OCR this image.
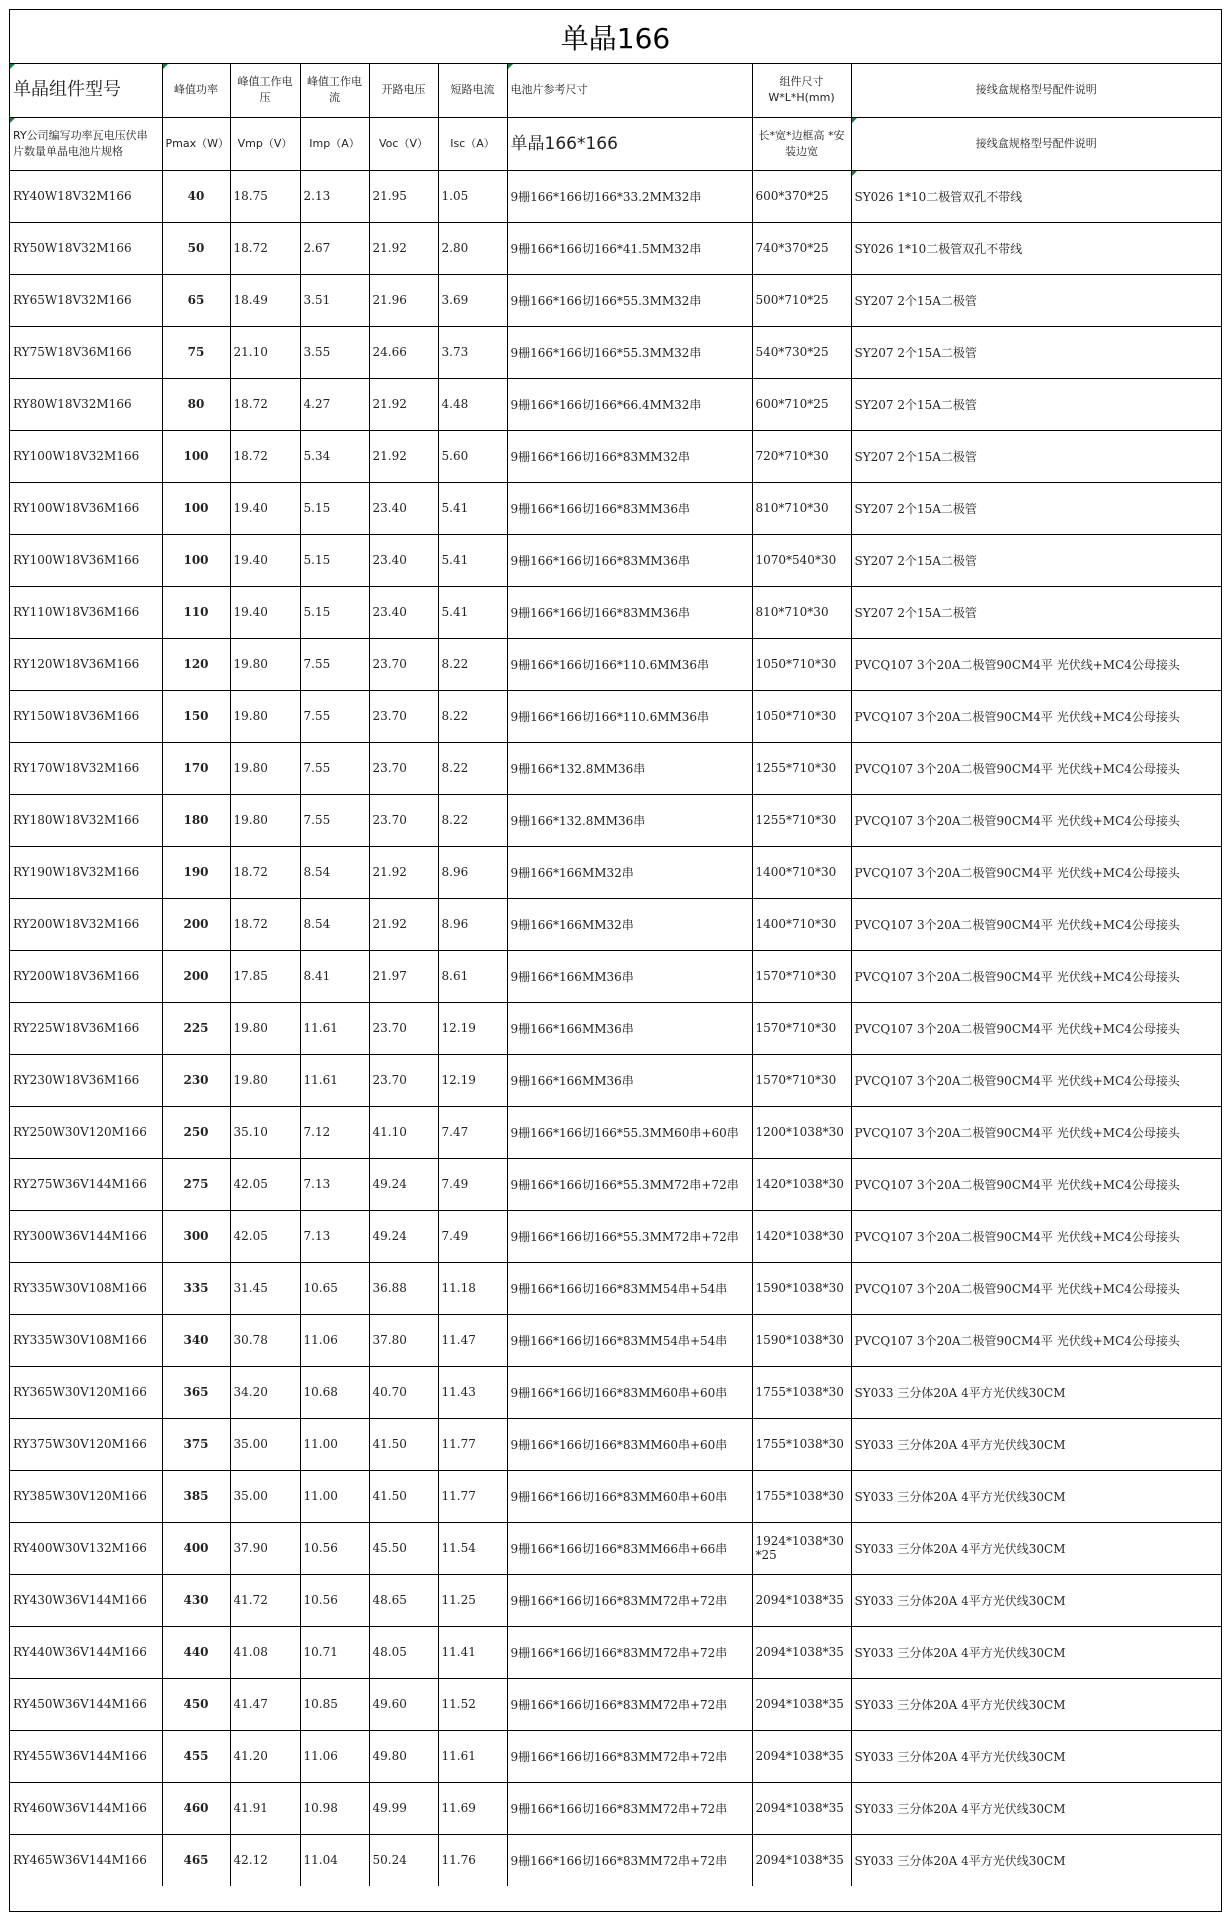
单晶166
单晶组件型号	峰值功率	峰值工作电压	峰值工作电流	开路电压	短路电流	电池片参考尺寸	组件尺寸 W*L*H(mm)	接线盒规格型号配件说明
RY公司编写功率瓦电压伏串片数量单晶电池片规格	Pmax（W）	Vmp（V）	Imp（A）	Voc（V）	Isc（A）	单晶166*166	长*宽*边框高 *安装边宽	接线盒规格型号配件说明
RY40W18V32M166	40	18.75	2.13	21.95	1.05	9栅166*166切166*33.2MM32串	600*370*25	SY026 1*10二极管双孔不带线
RY50W18V32M166	50	18.72	2.67	21.92	2.80	9栅166*166切166*41.5MM32串	740*370*25	SY026 1*10二极管双孔不带线
RY65W18V32M166	65	18.49	3.51	21.96	3.69	9栅166*166切166*55.3MM32串	500*710*25	SY207 2个15A二极管
RY75W18V36M166	75	21.10	3.55	24.66	3.73	9栅166*166切166*55.3MM32串	540*730*25	SY207 2个15A二极管
RY80W18V32M166	80	18.72	4.27	21.92	4.48	9栅166*166切166*66.4MM32串	600*710*25	SY207 2个15A二极管
RY100W18V32M166	100	18.72	5.34	21.92	5.60	9栅166*166切166*83MM32串	720*710*30	SY207 2个15A二极管
RY100W18V36M166	100	19.40	5.15	23.40	5.41	9栅166*166切166*83MM36串	810*710*30	SY207 2个15A二极管
RY100W18V36M166	100	19.40	5.15	23.40	5.41	9栅166*166切166*83MM36串	1070*540*30	SY207 2个15A二极管
RY110W18V36M166	110	19.40	5.15	23.40	5.41	9栅166*166切166*83MM36串	810*710*30	SY207 2个15A二极管
RY120W18V36M166	120	19.80	7.55	23.70	8.22	9栅166*166切166*110.6MM36串	1050*710*30	PVCQ107 3个20A二极管90CM4平 光伏线+MC4公母接头
RY150W18V36M166	150	19.80	7.55	23.70	8.22	9栅166*166切166*110.6MM36串	1050*710*30	PVCQ107 3个20A二极管90CM4平 光伏线+MC4公母接头
RY170W18V32M166	170	19.80	7.55	23.70	8.22	9栅166*132.8MM36串	1255*710*30	PVCQ107 3个20A二极管90CM4平 光伏线+MC4公母接头
RY180W18V32M166	180	19.80	7.55	23.70	8.22	9栅166*132.8MM36串	1255*710*30	PVCQ107 3个20A二极管90CM4平 光伏线+MC4公母接头
RY190W18V32M166	190	18.72	8.54	21.92	8.96	9栅166*166MM32串	1400*710*30	PVCQ107 3个20A二极管90CM4平 光伏线+MC4公母接头
RY200W18V32M166	200	18.72	8.54	21.92	8.96	9栅166*166MM32串	1400*710*30	PVCQ107 3个20A二极管90CM4平 光伏线+MC4公母接头
RY200W18V36M166	200	17.85	8.41	21.97	8.61	9栅166*166MM36串	1570*710*30	PVCQ107 3个20A二极管90CM4平 光伏线+MC4公母接头
RY225W18V36M166	225	19.80	11.61	23.70	12.19	9栅166*166MM36串	1570*710*30	PVCQ107 3个20A二极管90CM4平 光伏线+MC4公母接头
RY230W18V36M166	230	19.80	11.61	23.70	12.19	9栅166*166MM36串	1570*710*30	PVCQ107 3个20A二极管90CM4平 光伏线+MC4公母接头
RY250W30V120M166	250	35.10	7.12	41.10	7.47	9栅166*166切166*55.3MM60串+60串	1200*1038*30	PVCQ107 3个20A二极管90CM4平 光伏线+MC4公母接头
RY275W36V144M166	275	42.05	7.13	49.24	7.49	9栅166*166切166*55.3MM72串+72串	1420*1038*30	PVCQ107 3个20A二极管90CM4平 光伏线+MC4公母接头
RY300W36V144M166	300	42.05	7.13	49.24	7.49	9栅166*166切166*55.3MM72串+72串	1420*1038*30	PVCQ107 3个20A二极管90CM4平 光伏线+MC4公母接头
RY335W30V108M166	335	31.45	10.65	36.88	11.18	9栅166*166切166*83MM54串+54串	1590*1038*30	PVCQ107 3个20A二极管90CM4平 光伏线+MC4公母接头
RY335W30V108M166	340	30.78	11.06	37.80	11.47	9栅166*166切166*83MM54串+54串	1590*1038*30	PVCQ107 3个20A二极管90CM4平 光伏线+MC4公母接头
RY365W30V120M166	365	34.20	10.68	40.70	11.43	9栅166*166切166*83MM60串+60串	1755*1038*30	SY033 三分体20A 4平方光伏线30CM
RY375W30V120M166	375	35.00	11.00	41.50	11.77	9栅166*166切166*83MM60串+60串	1755*1038*30	SY033 三分体20A 4平方光伏线30CM
RY385W30V120M166	385	35.00	11.00	41.50	11.77	9栅166*166切166*83MM60串+60串	1755*1038*30	SY033 三分体20A 4平方光伏线30CM
RY400W30V132M166	400	37.90	10.56	45.50	11.54	9栅166*166切166*83MM66串+66串	1924*1038*30 *25	SY033 三分体20A 4平方光伏线30CM
RY430W36V144M166	430	41.72	10.56	48.65	11.25	9栅166*166切166*83MM72串+72串	2094*1038*35	SY033 三分体20A 4平方光伏线30CM
RY440W36V144M166	440	41.08	10.71	48.05	11.41	9栅166*166切166*83MM72串+72串	2094*1038*35	SY033 三分体20A 4平方光伏线30CM
RY450W36V144M166	450	41.47	10.85	49.60	11.52	9栅166*166切166*83MM72串+72串	2094*1038*35	SY033 三分体20A 4平方光伏线30CM
RY455W36V144M166	455	41.20	11.06	49.80	11.61	9栅166*166切166*83MM72串+72串	2094*1038*35	SY033 三分体20A 4平方光伏线30CM
RY460W36V144M166	460	41.91	10.98	49.99	11.69	9栅166*166切166*83MM72串+72串	2094*1038*35	SY033 三分体20A 4平方光伏线30CM
RY465W36V144M166	465	42.12	11.04	50.24	11.76	9栅166*166切166*83MM72串+72串	2094*1038*35	SY033 三分体20A 4平方光伏线30CM
